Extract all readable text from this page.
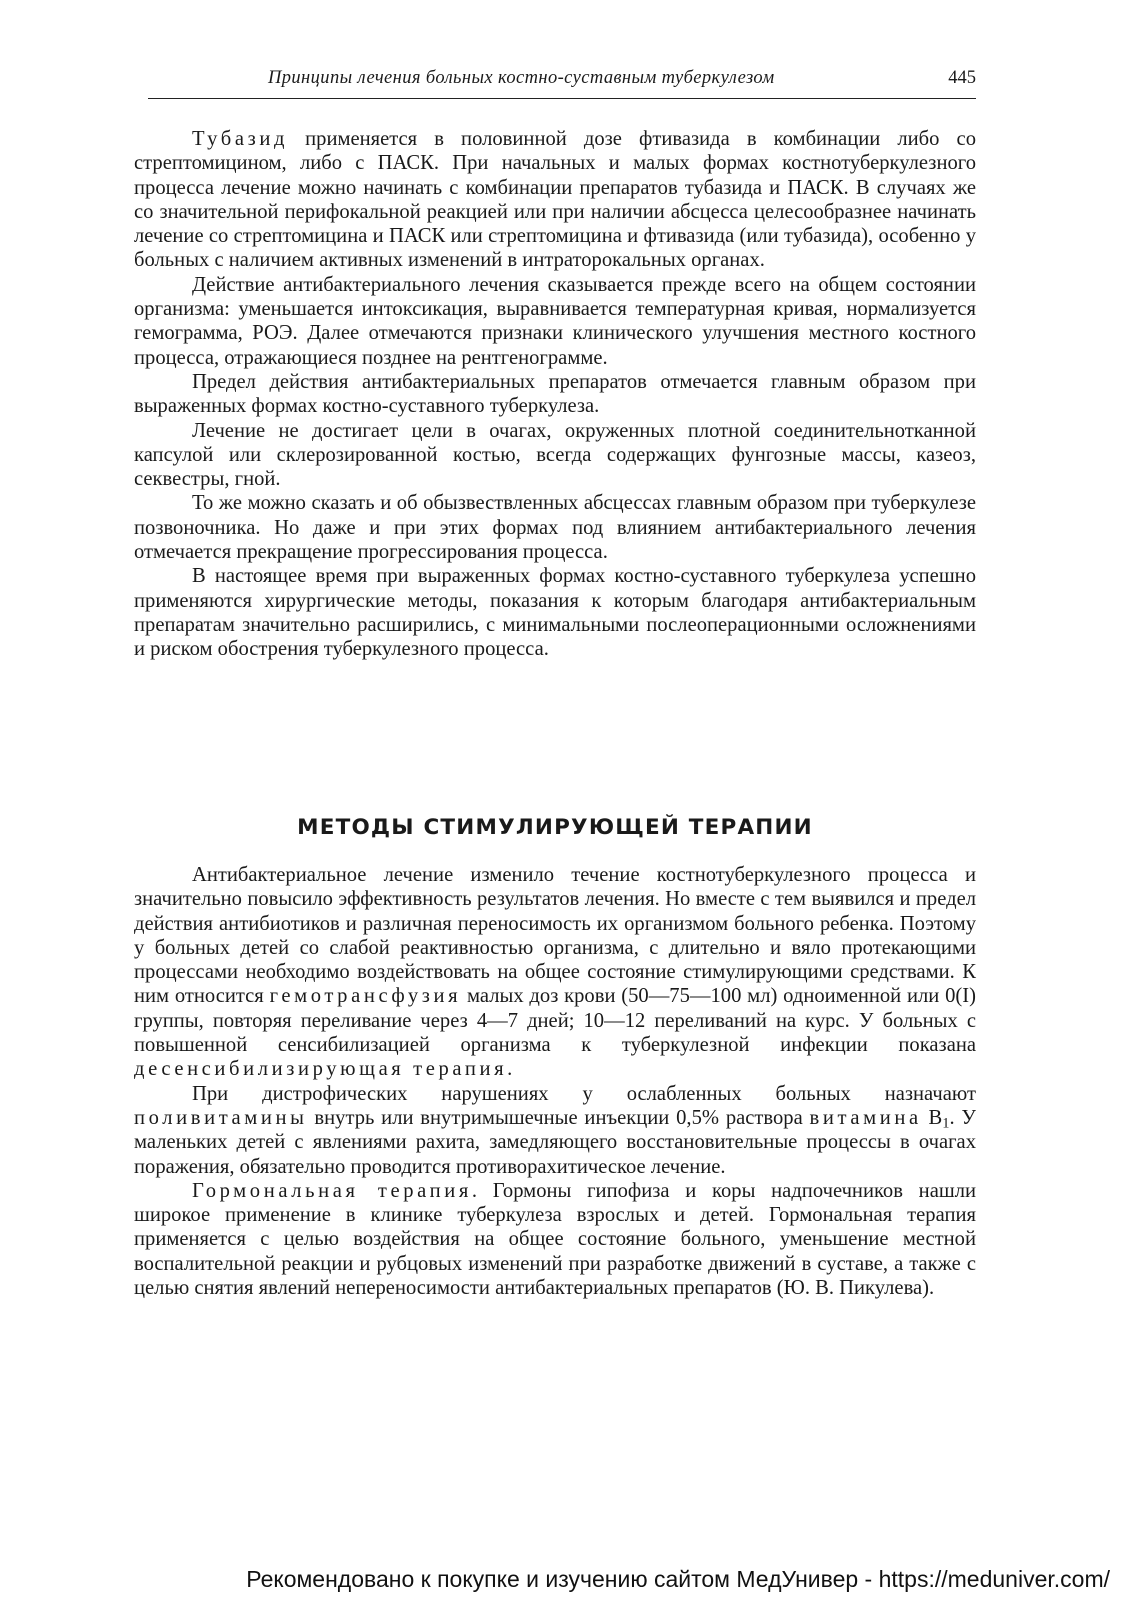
Принципы лечения больных костно-суставным туберкулезом	445

Тубазид применяется в половинной дозе фтивазида в комбинации либо со стрептомицином, либо с ПАСК. При начальных и малых формах костнотуберкулезного процесса лечение можно начинать с комбинации препаратов тубазида и ПАСК. В случаях же со значительной перифокальной реакцией или при наличии абсцесса целесообразнее начинать лечение со стрептомицина и ПАСК или стрептомицина и фтивазида (или тубазида), особенно у больных с наличием активных изменений в интраторокальных органах.

Действие антибактериального лечения сказывается прежде всего на общем состоянии организма: уменьшается интоксикация, выравнивается температурная кривая, нормализуется гемограмма, РОЭ. Далее отмечаются признаки клинического улучшения местного костного процесса, отражающиеся позднее на рентгенограмме.

Предел действия антибактериальных препаратов отмечается главным образом при выраженных формах костно-суставного туберкулеза.

Лечение не достигает цели в очагах, окруженных плотной соединительнотканной капсулой или склерозированной костью, всегда содержащих фунгозные массы, казеоз, секвестры, гной.

То же можно сказать и об обызвествленных абсцессах главным образом при туберкулезе позвоночника. Но даже и при этих формах под влиянием антибактериального лечения отмечается прекращение прогрессирования процесса.

В настоящее время при выраженных формах костно-суставного туберкулеза успешно применяются хирургические методы, показания к которым благодаря антибактериальным препаратам значительно расширились, с минимальными послеоперационными осложнениями и риском обострения туберкулезного процесса.

МЕТОДЫ СТИМУЛИРУЮЩЕЙ ТЕРАПИИ

Антибактериальное лечение изменило течение костнотуберкулезного процесса и значительно повысило эффективность результатов лечения. Но вместе с тем выявился и предел действия антибиотиков и различная переносимость их организмом больного ребенка. Поэтому у больных детей со слабой реактивностью организма, с длительно и вяло протекающими процессами необходимо воздействовать на общее состояние стимулирующими средствами. К ним относится гемотрансфузия малых доз крови (50—75—100 мл) одноименной или 0(I) группы, повторяя переливание через 4—7 дней; 10—12 переливаний на курс. У больных с повышенной сенсибилизацией организма к туберкулезной инфекции показана десенсибилизирующая терапия.

При дистрофических нарушениях у ослабленных больных назначают поливитамины внутрь или внутримышечные инъекции 0,5% раствора витамина $B_1$. У маленьких детей с явлениями рахита, замедляющего восстановительные процессы в очагах поражения, обязательно проводится противорахитическое лечение.

Гормональная терапия. Гормоны гипофиза и коры надпочечников нашли широкое применение в клинике туберкулеза взрослых и детей. Гормональная терапия применяется с целью воздействия на общее состояние больного, уменьшение местной воспалительной реакции и рубцовых изменений при разработке движений в суставе, а также с целью снятия явлений непереносимости антибактериальных препаратов (Ю. В. Пикулева).

Рекомендовано к покупке и изучению сайтом МедУнивер - https://meduniver.com/
